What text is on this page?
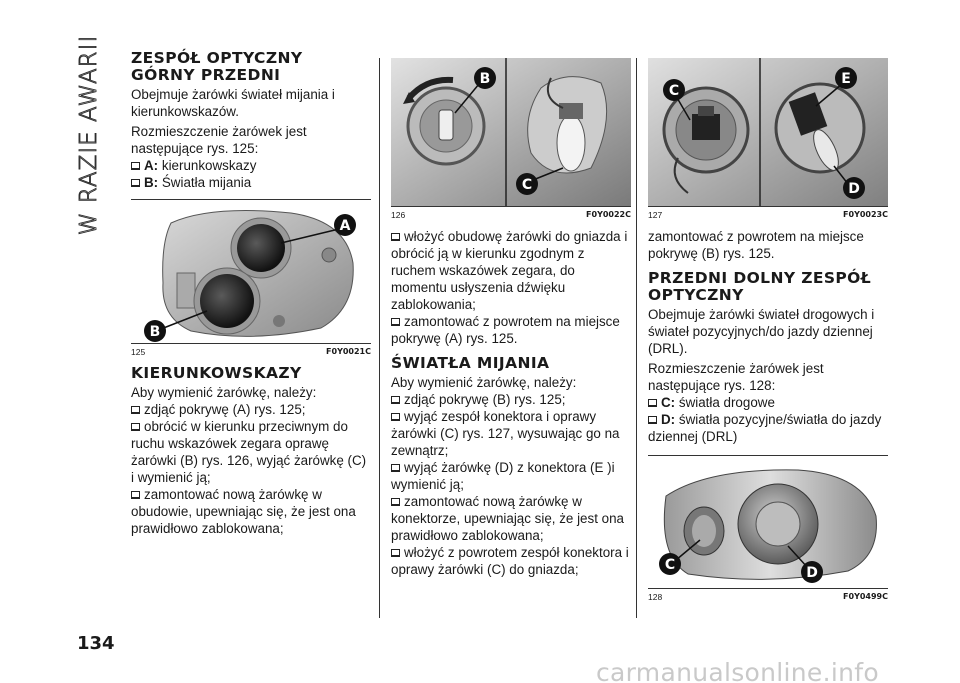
W RAZIE AWARII ZESPÓŁ OPTYCZNY
GÓRNY PRZEDNI

Obejmuje żarówki świateł mijania i kierunkowskazów.

Rozmieszczenie żarówek jest następujące rys. 125:

A: kierunkowskazy
B: Światła mijania
A
B
125	F0Y0021C
KIERUNKOWSKAZY

Aby wymienić żarówkę, należy:

zdjąć pokrywę (A) rys. 125;
obrócić w kierunku przeciwnym do ruchu wskazówek zegara oprawę żarówki (B) rys. 126, wyjąć żarówkę (C) i wymienić ją;
zamontować nową żarówkę w obudowie, upewniając się, że jest ona prawidłowo zablokowana;
B
C
126	F0Y0022C
włożyć obudowę żarówki do gniazda i obrócić ją w kierunku zgodnym z ruchem wskazówek zegara, do momentu usłyszenia dźwięku zablokowania;
zamontować z powrotem na miejsce pokrywę (A) rys. 125.
ŚWIATŁA MIJANIA

Aby wymienić żarówkę, należy:

zdjąć pokrywę (B) rys. 125;
wyjąć zespół konektora i oprawy żarówki (C) rys. 127, wysuwając go na zewnątrz;
wyjąć żarówkę (D) z konektora (E )i wymienić ją;
zamontować nową żarówkę w konektorze, upewniając się, że jest ona prawidłowo zablokowana;
włożyć z powrotem zespół konektora i oprawy żarówki (C) do gniazda;
C
E
D
127	F0Y0023C

zamontować z powrotem na miejsce pokrywę (B) rys. 125.

PRZEDNI DOLNY ZESPÓŁ
OPTYCZNY

Obejmuje żarówki świateł drogowych i świateł pozycyjnych/do jazdy dziennej (DRL).

Rozmieszczenie żarówek jest następujące rys. 128:

C: światła drogowe
D: światła pozycyjne/światła do jazdy dziennej (DRL)
C	D
128	F0Y0499C
134
carmanualsonline.info
